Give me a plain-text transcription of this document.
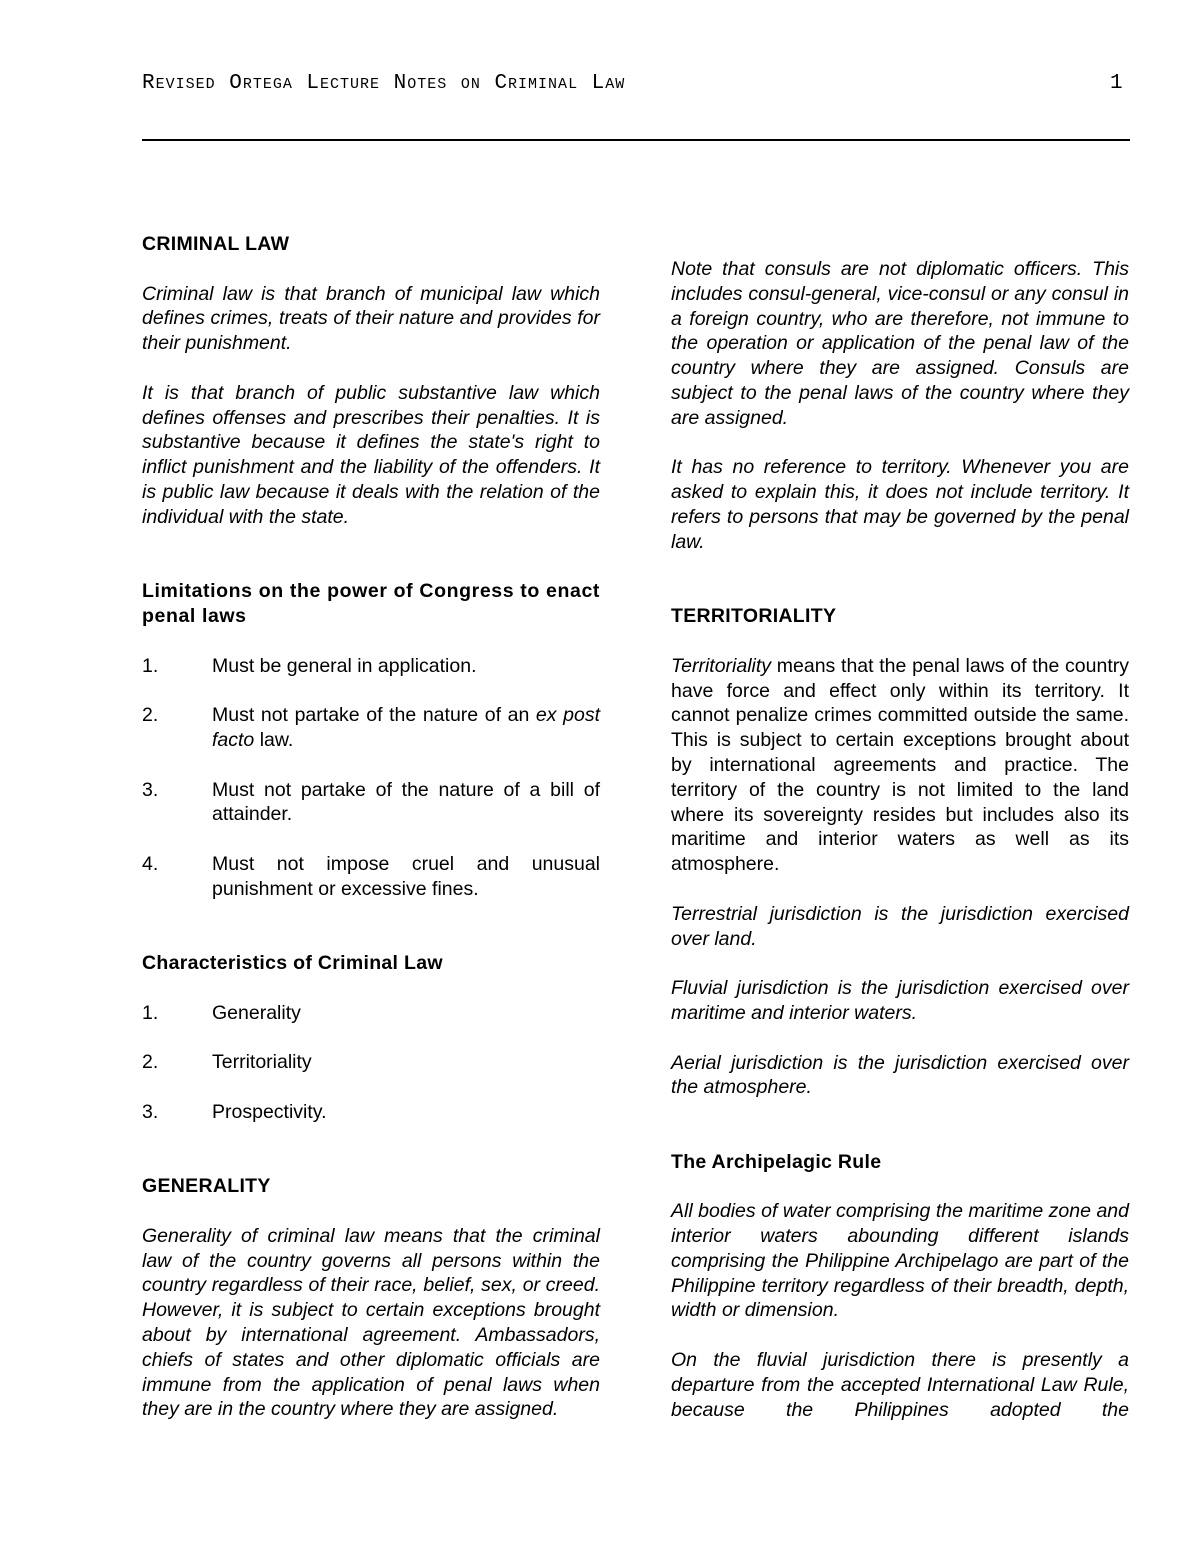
Revised Ortega Lecture Notes on Criminal Law	1

CRIMINAL LAW

Criminal law is that branch of municipal law which defines crimes, treats of their nature and provides for their punishment.

It is that branch of public substantive law which defines offenses and prescribes their penalties. It is substantive because it defines the state's right to inflict punishment and the liability of the offenders. It is public law because it deals with the relation of the individual with the state.

Limitations on the power of Congress to enact penal laws

1.	Must be general in application.
2.	Must not partake of the nature of an ex post facto law.
3.	Must not partake of the nature of a bill of attainder.
4.	Must not impose cruel and unusual punishment or excessive fines.

Characteristics of Criminal Law

1.	Generality
2.	Territoriality
3.	Prospectivity.

GENERALITY

Generality of criminal law means that the criminal law of the country governs all persons within the country regardless of their race, belief, sex, or creed. However, it is subject to certain exceptions brought about by international agreement. Ambassadors, chiefs of states and other diplomatic officials are immune from the application of penal laws when they are in the country where they are assigned.

Note that consuls are not diplomatic officers. This includes consul-general, vice-consul or any consul in a foreign country, who are therefore, not immune to the operation or application of the penal law of the country where they are assigned. Consuls are subject to the penal laws of the country where they are assigned.

It has no reference to territory. Whenever you are asked to explain this, it does not include territory. It refers to persons that may be governed by the penal law.

TERRITORIALITY

Territoriality means that the penal laws of the country have force and effect only within its territory. It cannot penalize crimes committed outside the same. This is subject to certain exceptions brought about by international agreements and practice. The territory of the country is not limited to the land where its sovereignty resides but includes also its maritime and interior waters as well as its atmosphere.

Terrestrial jurisdiction is the jurisdiction exercised over land.

Fluvial jurisdiction is the jurisdiction exercised over maritime and interior waters.

Aerial jurisdiction is the jurisdiction exercised over the atmosphere.

The Archipelagic Rule

All bodies of water comprising the maritime zone and interior waters abounding different islands comprising the Philippine Archipelago are part of the Philippine territory regardless of their breadth, depth, width or dimension.

On the fluvial jurisdiction there is presently a departure from the accepted International Law Rule, because the Philippines adopted the
